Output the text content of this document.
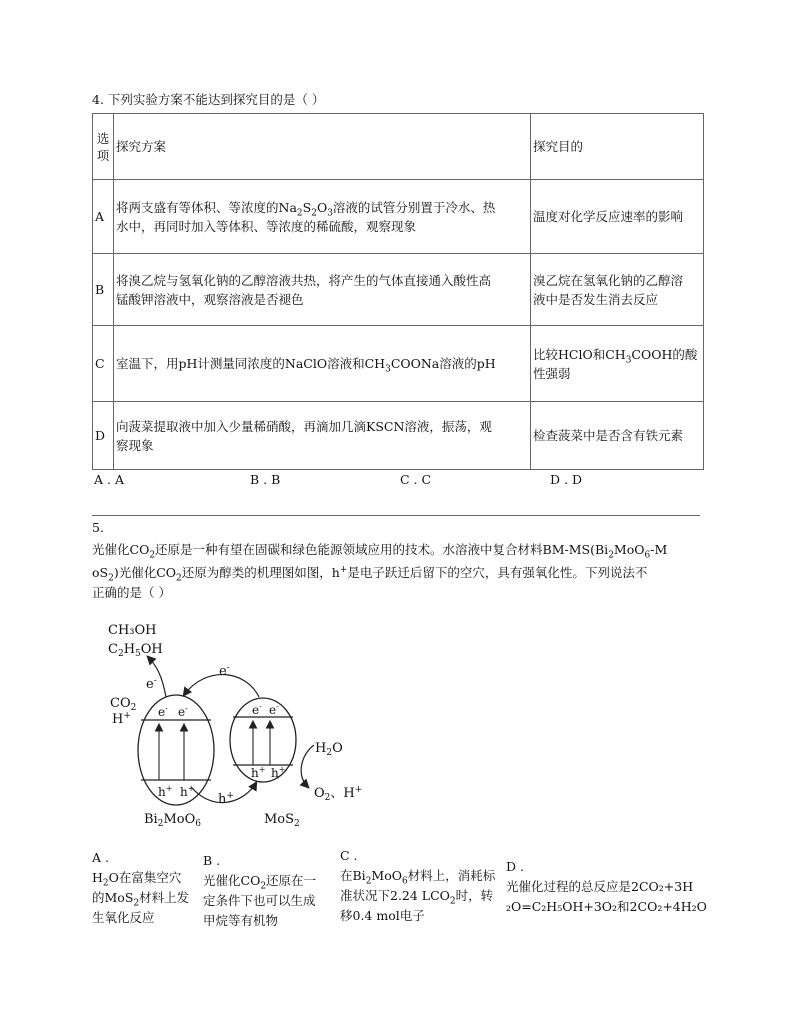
4. 下列实验方案不能达到探究目的是（ ）
选
项	探究方案	探究目的
A	将两支盛有等体积、等浓度的$Na_2S_2O_3$溶液的试管分别置于冷水、热
水中，再同时加入等体积、等浓度的稀硫酸，观察现象	温度对化学反应速率的影响
B	将溴乙烷与氢氧化钠的乙醇溶液共热，将产生的气体直接通入酸性高
锰酸钾溶液中，观察溶液是否褪色	溴乙烷在氢氧化钠的乙醇溶
液中是否发生消去反应
C	室温下，用pH计测量同浓度的NaClO溶液和$CH_3COONa$溶液的pH	比较HClO和$CH_3COOH$的酸
性强弱
D	向菠菜提取液中加入少量稀硝酸，再滴加几滴KSCN溶液，振荡，观
察现象	检查菠菜中是否含有铁元素
A . A	B . B	C . C	D . D
5.
光催化$CO_2$还原是一种有望在固碳和绿色能源领域应用的技术。水溶液中复合材料$BM-MS(Bi_2MoO_6-M$
$oS_2$)光催化$CO_2$还原为醇类的机理图如图，h+是电子跃迁后留下的空穴，具有强氧化性。下列说法不
正确的是（ ）
CH₃OH
$C_2H_5OH$
$CO_2$
H+
e-
e-
$H_2O$
$O_2$、H+
h+
$Bi_2MoO_6$	MoS$_2$
e- e-
h+ h+
e- e-
h+ h+
A .
$H_2O$在富集空穴
的MoS$_2$材料上发
生氧化反应
B .
光催化$CO_2$还原在一
定条件下也可以生成
甲烷等有机物
C .
在$Bi_2MoO_6$材料上，消耗标
准状况下2.24 $LCO_2$时，转
移0.4 mol电子
D .
光催化过程的总反应是2CO₂+3H
₂O=C₂H₅OH+3O₂和2CO₂+4H₂O
